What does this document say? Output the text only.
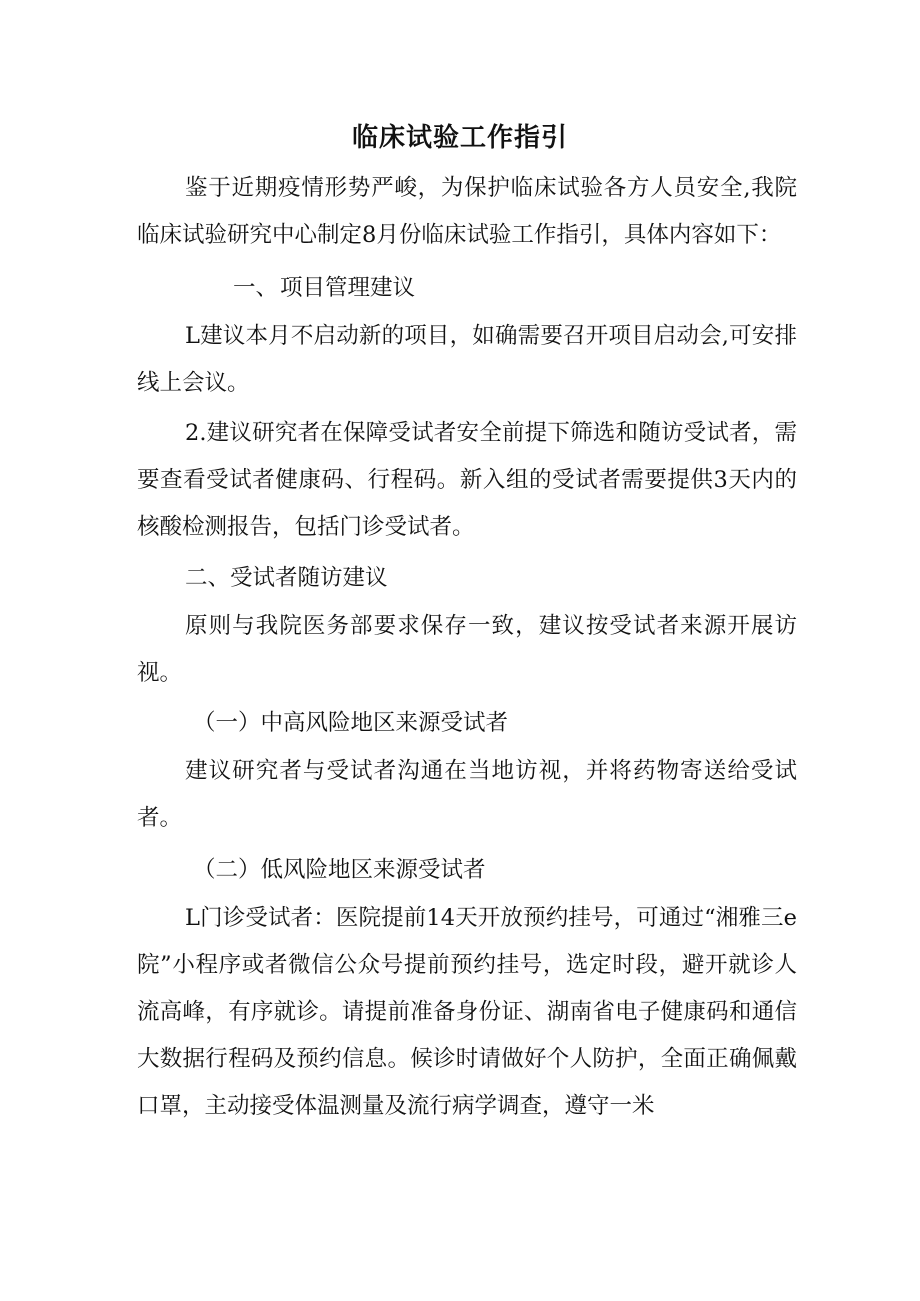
临床试验工作指引

鉴于近期疫情形势严峻，为保护临床试验各方人员安全,我院临床试验研究中心制定8月份临床试验工作指引，具体内容如下：

一、项目管理建议

L建议本月不启动新的项目，如确需要召开项目启动会,可安排线上会议。

2.建议研究者在保障受试者安全前提下筛选和随访受试者，需要查看受试者健康码、行程码。新入组的受试者需要提供3天内的核酸检测报告，包括门诊受试者。

二、受试者随访建议

原则与我院医务部要求保存一致，建议按受试者来源开展访视。

（一）中高风险地区来源受试者

建议研究者与受试者沟通在当地访视，并将药物寄送给受试者。

（二）低风险地区来源受试者

L门诊受试者：医院提前14天开放预约挂号，可通过“湘雅三e院”小程序或者微信公众号提前预约挂号，选定时段，避开就诊人流高峰，有序就诊。请提前准备身份证、湖南省电子健康码和通信大数据行程码及预约信息。候诊时请做好个人防护，全面正确佩戴口罩，主动接受体温测量及流行病学调查，遵守一米
